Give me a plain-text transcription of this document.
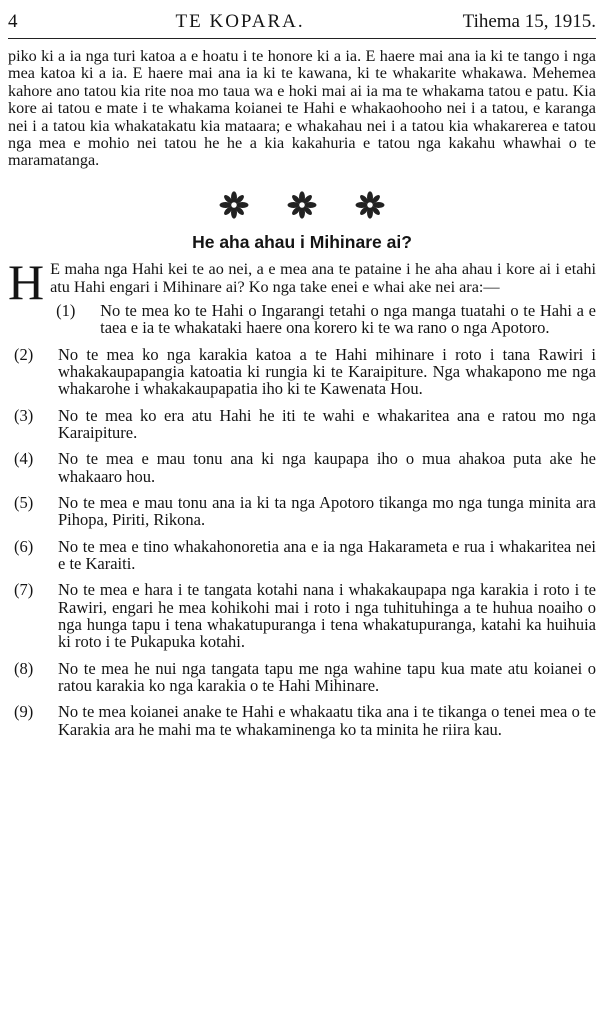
4	TE KOPARA.	Tihema 15, 1915.

piko ki a ia nga turi katoa a e hoatu i te honore ki a ia. E haere mai ana ia ki te tango i nga mea katoa ki a ia. E haere mai ana ia ki te kawana, ki te whakarite whakawa. Mehemea kahore ano tatou kia rite noa mo taua wa e hoki mai ai ia ma te whakama tatou e patu. Kia kore ai tatou e mate i te whakama koianei te Hahi e whakaohooho nei i a tatou, e karanga nei i a tatou kia whakatakatu kia mataara; e whakahau nei i a tatou kia whakarerea e tatou nga mea e mohio nei tatou he he a kia kakahuria e tatou nga kakahu whawhai o te maramatanga.

He aha ahau i Mihinare ai?

H E maha nga Hahi kei te ao nei, a e mea ana te pataine i he aha ahau i kore ai i etahi atu Hahi engari i Mihinare ai? Ko nga take enei e whai ake nei ara:—

(1)	No te mea ko te Hahi o Ingarangi tetahi o nga manga tuatahi o te Hahi a e taea e ia te whakataki haere ona korero ki te wa rano o nga Apotoro.
(2)	No te mea ko nga karakia katoa a te Hahi mihinare i roto i tana Rawiri i whakakaupapangia katoatia ki rungia ki te Karaipiture. Nga whakapono me nga whakarohe i whakakaupapatia iho ki te Kawenata Hou.
(3)	No te mea ko era atu Hahi he iti te wahi e whakaritea ana e ratou mo nga Karaipiture.
(4)	No te mea e mau tonu ana ki nga kaupapa iho o mua ahakoa puta ake he whakaaro hou.
(5)	No te mea e mau tonu ana ia ki ta nga Apotoro tikanga mo nga tunga minita ara Pihopa, Piriti, Rikona.
(6)	No te mea e tino whakahonoretia ana e ia nga Hakarameta e rua i whakaritea nei e te Karaiti.
(7)	No te mea e hara i te tangata kotahi nana i whakakaupapa nga karakia i roto i te Rawiri, engari he mea kohikohi mai i roto i nga tuhituhinga a te huhua noaiho o nga hunga tapu i tena whakatupuranga i tena whakatupuranga, katahi ka huihuia ki roto i te Pukapuka kotahi.
(8)	No te mea he nui nga tangata tapu me nga wahine tapu kua mate atu koianei o ratou karakia ko nga karakia o te Hahi Mihinare.
(9)	No te mea koianei anake te Hahi e whakaatu tika ana i te tikanga o tenei mea o te Karakia ara he mahi ma te whakaminenga ko ta minita he riira kau.
